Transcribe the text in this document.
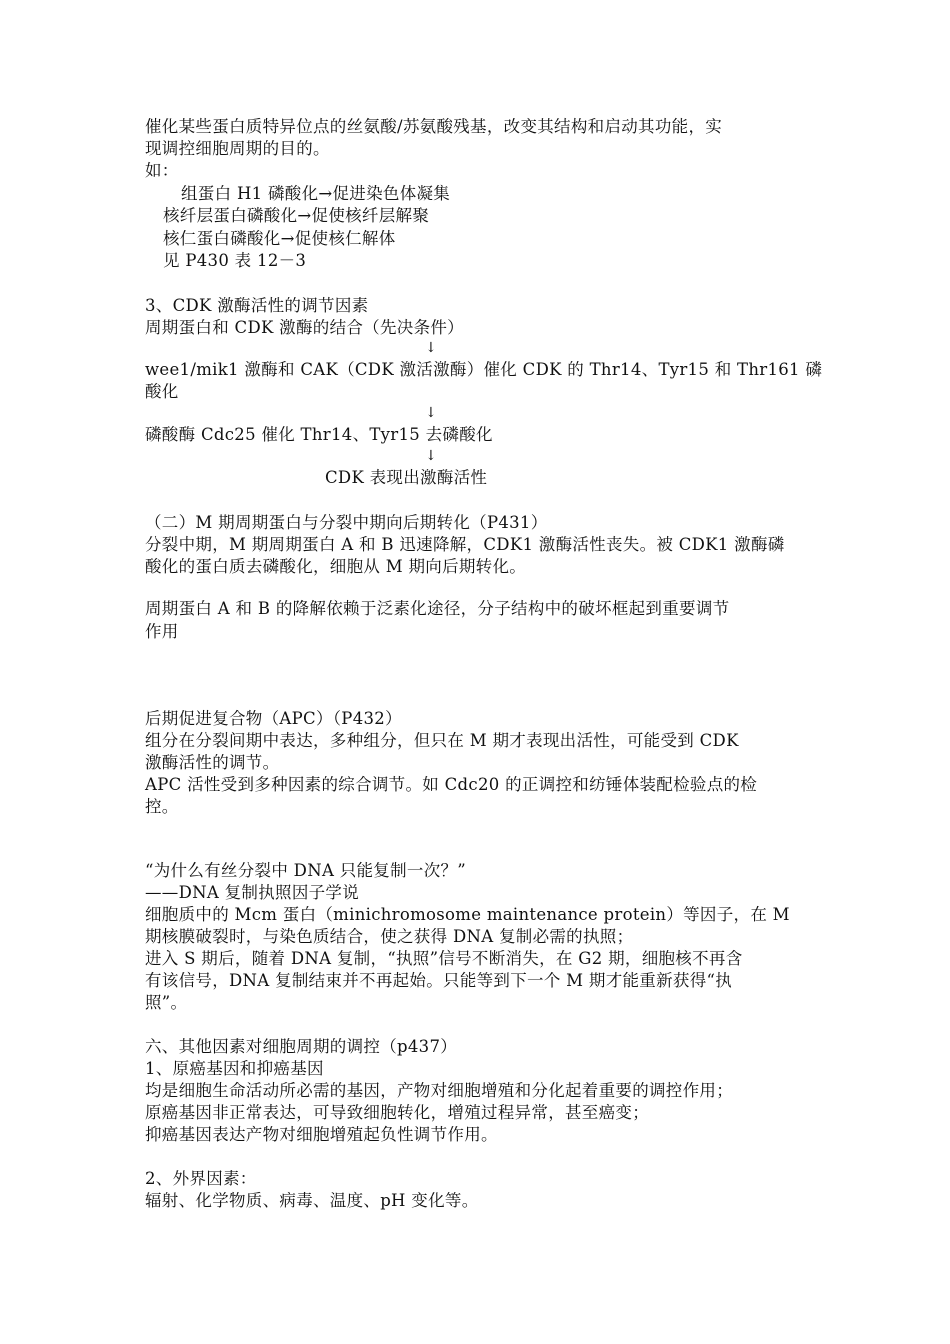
催化某些蛋白质特异位点的丝氨酸/苏氨酸残基，改变其结构和启动其功能，实
现调控细胞周期的目的。
如：
组蛋白 H1 磷酸化→促进染色体凝集
核纤层蛋白磷酸化→促使核纤层解聚
核仁蛋白磷酸化→促使核仁解体
见 P430 表 12－3
3、CDK 激酶活性的调节因素
周期蛋白和 CDK 激酶的结合（先决条件）
↓
wee1/mik1 激酶和 CAK（CDK 激活激酶）催化 CDK 的 Thr14、Tyr15 和 Thr161 磷
酸化
↓
磷酸酶 Cdc25 催化 Thr14、Tyr15 去磷酸化
↓
CDK 表现出激酶活性
（二）M 期周期蛋白与分裂中期向后期转化（P431）
分裂中期，M 期周期蛋白 A 和 B 迅速降解，CDK1 激酶活性丧失。被 CDK1 激酶磷
酸化的蛋白质去磷酸化，细胞从 M 期向后期转化。
周期蛋白 A 和 B 的降解依赖于泛素化途径，分子结构中的破坏框起到重要调节
作用
后期促进复合物（APC）（P432）
组分在分裂间期中表达，多种组分，但只在 M 期才表现出活性，可能受到 CDK
激酶活性的调节。
APC 活性受到多种因素的综合调节。如 Cdc20 的正调控和纺锤体装配检验点的检
控。
“为什么有丝分裂中 DNA 只能复制一次？”
——DNA 复制执照因子学说
细胞质中的 Mcm 蛋白（minichromosome maintenance protein）等因子，在 M
期核膜破裂时，与染色质结合，使之获得 DNA 复制必需的执照；
进入 S 期后，随着 DNA 复制，“执照”信号不断消失，在 G2 期，细胞核不再含
有该信号，DNA 复制结束并不再起始。只能等到下一个 M 期才能重新获得“执
照”。
六、其他因素对细胞周期的调控（p437）
1、原癌基因和抑癌基因
均是细胞生命活动所必需的基因，产物对细胞增殖和分化起着重要的调控作用；
原癌基因非正常表达，可导致细胞转化，增殖过程异常，甚至癌变；
抑癌基因表达产物对细胞增殖起负性调节作用。
2、外界因素：
辐射、化学物质、病毒、温度、pH 变化等。
